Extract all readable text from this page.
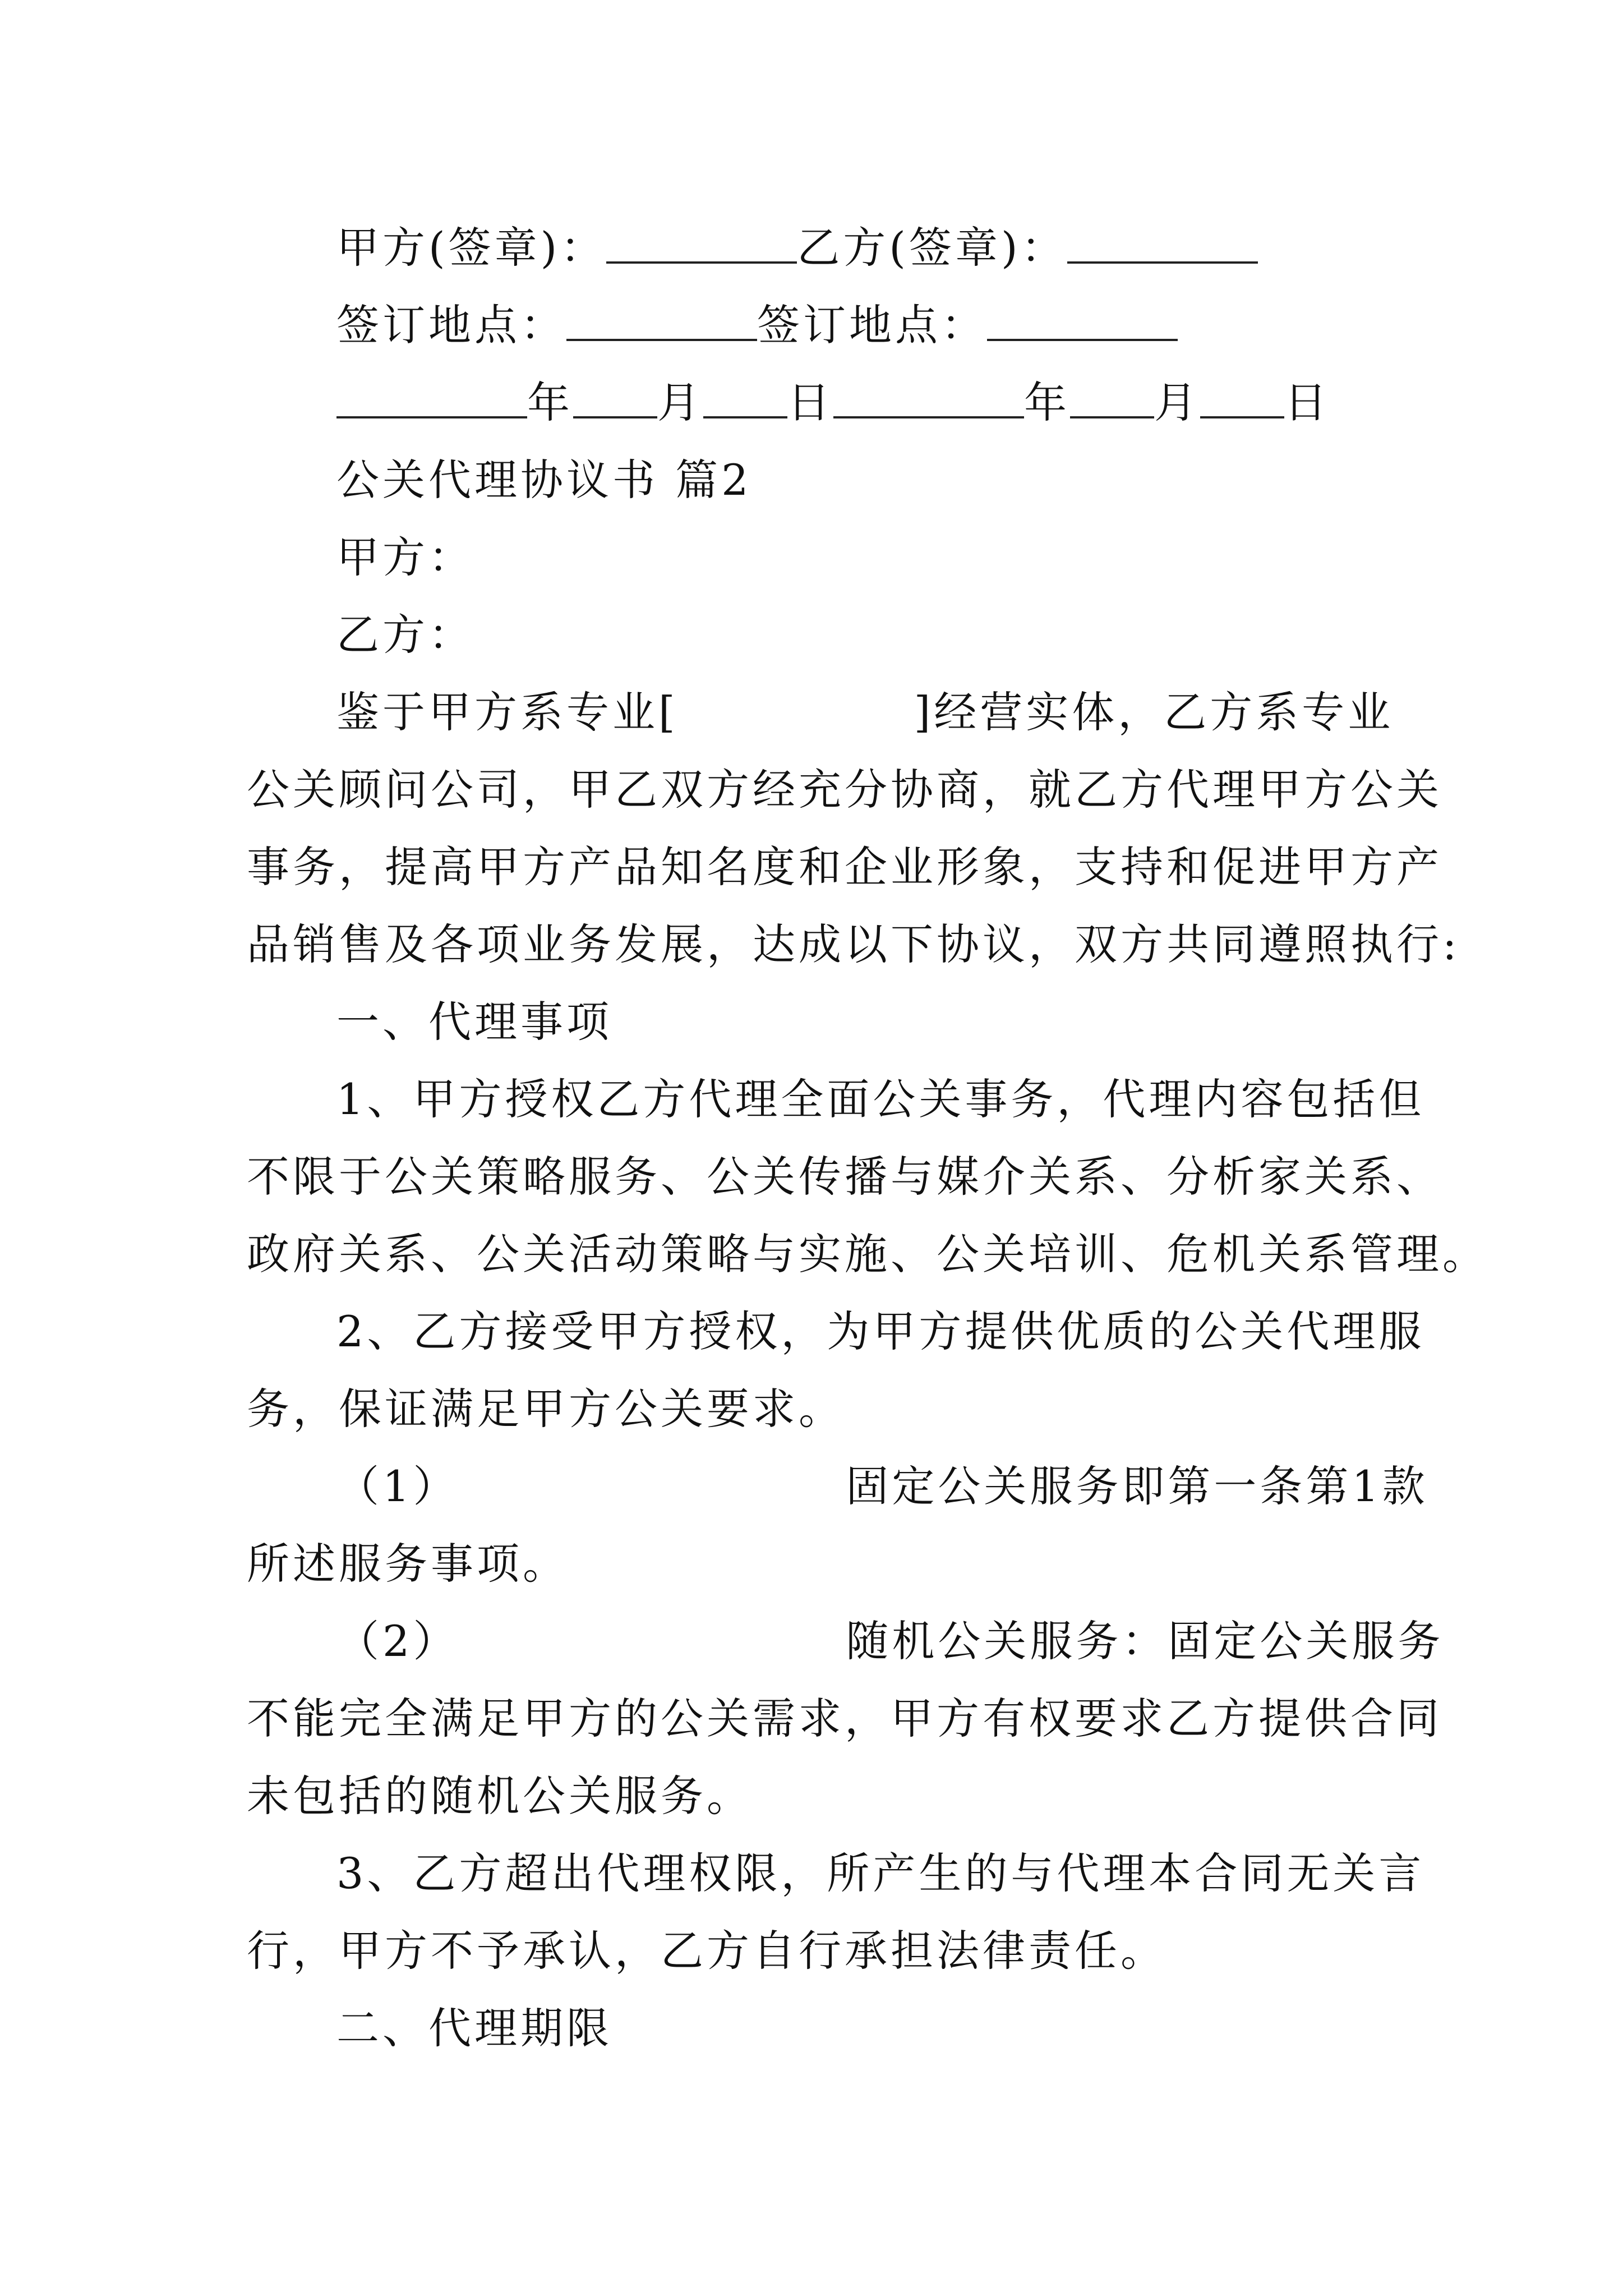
甲方(签章)：	乙方(签章)：
签订地点：	签订地点：
年 月 日	年 月 日
公关代理协议书 篇2
甲方：
乙方：
鉴于甲方系专业[	]经营实体，乙方系专业
公关顾问公司，甲乙双方经充分协商，就乙方代理甲方公关
事务，提高甲方产品知名度和企业形象，支持和促进甲方产
品销售及各项业务发展，达成以下协议，双方共同遵照执行:
一、代理事项
1、甲方授权乙方代理全面公关事务，代理内容包括但
不限于公关策略服务、公关传播与媒介关系、分析家关系、
政府关系、公关活动策略与实施、公关培训、危机关系管理。
2、乙方接受甲方授权，为甲方提供优质的公关代理服
务，保证满足甲方公关要求。
（1）	固定公关服务即第一条第1款
所述服务事项。
（2）	随机公关服务：固定公关服务
不能完全满足甲方的公关需求，甲方有权要求乙方提供合同
未包括的随机公关服务。
3、乙方超出代理权限，所产生的与代理本合同无关言
行，甲方不予承认，乙方自行承担法律责任。
二、代理期限
